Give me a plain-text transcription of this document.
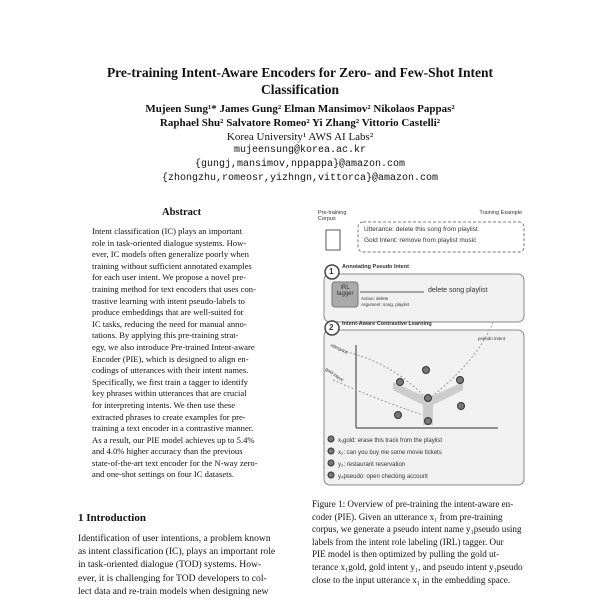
Pre-training Intent-Aware Encoders for Zero- and Few-Shot Intent
Classification
Mujeen Sung¹* James Gung² Elman Mansimov² Nikolaos Pappas²
Raphael Shu² Salvatore Romeo² Yi Zhang² Vittorio Castelli²
Korea University¹ AWS AI Labs²
mujeensung@korea.ac.kr
{gungj,mansimov,nppappa}@amazon.com
{zhongzhu,romeosr,yizhngn,vittorca}@amazon.com
Abstract
Intent classification (IC) plays an important
role in task-oriented dialogue systems. How-
ever, IC models often generalize poorly when
training without sufficient annotated examples
for each user intent. We propose a novel pre-
training method for text encoders that uses con-
trastive learning with intent pseudo-labels to
produce embeddings that are well-suited for
IC tasks, reducing the need for manual anno-
tations. By applying this pre-training strat-
egy, we also introduce Pre-trained Intent-aware
Encoder (PIE), which is designed to align en-
codings of utterances with their intent names.
Specifically, we first train a tagger to identify
key phrases within utterances that are crucial
for interpreting intents. We then use these
extracted phrases to create examples for pre-
training a text encoder in a contrastive manner.
As a result, our PIE model achieves up to 5.4%
and 4.0% higher accuracy than the previous
state-of-the-art text encoder for the N-way zero-
and one-shot settings on four IC datasets.
1 Introduction
Identification of user intentions, a problem known
as intent classification (IC), plays an important role
in task-oriented dialogue (TOD) systems. How-
ever, it is challenging for TOD developers to col-
lect data and re-train models when designing new
Pre-training Corpus
Training Example
Utterance: delete this song from playlist
Gold Intent: remove from playlist music
1 Annotating Pseudo Intent
IRL tagger
Action: delete
Argument: song, playlist
delete song playlist
2 Intent-Aware Contrastive Learning
pseudo intent
utterance
gold intent
x₁gold: erase this track from the playlist
x₂: can you buy me some movie tickets
y₃: restaurant reservation
y₄pseudo: open checking account
Figure 1: Overview of pre-training the intent-aware en-
coder (PIE). Given an utterance x₁ from pre-training
corpus, we generate a pseudo intent name y₁pseudo using
labels from the intent role labeling (IRL) tagger. Our
PIE model is then optimized by pulling the gold ut-
terance x₁gold, gold intent y₁, and pseudo intent y₁pseudo
close to the input utterance x₁ in the embedding space.
